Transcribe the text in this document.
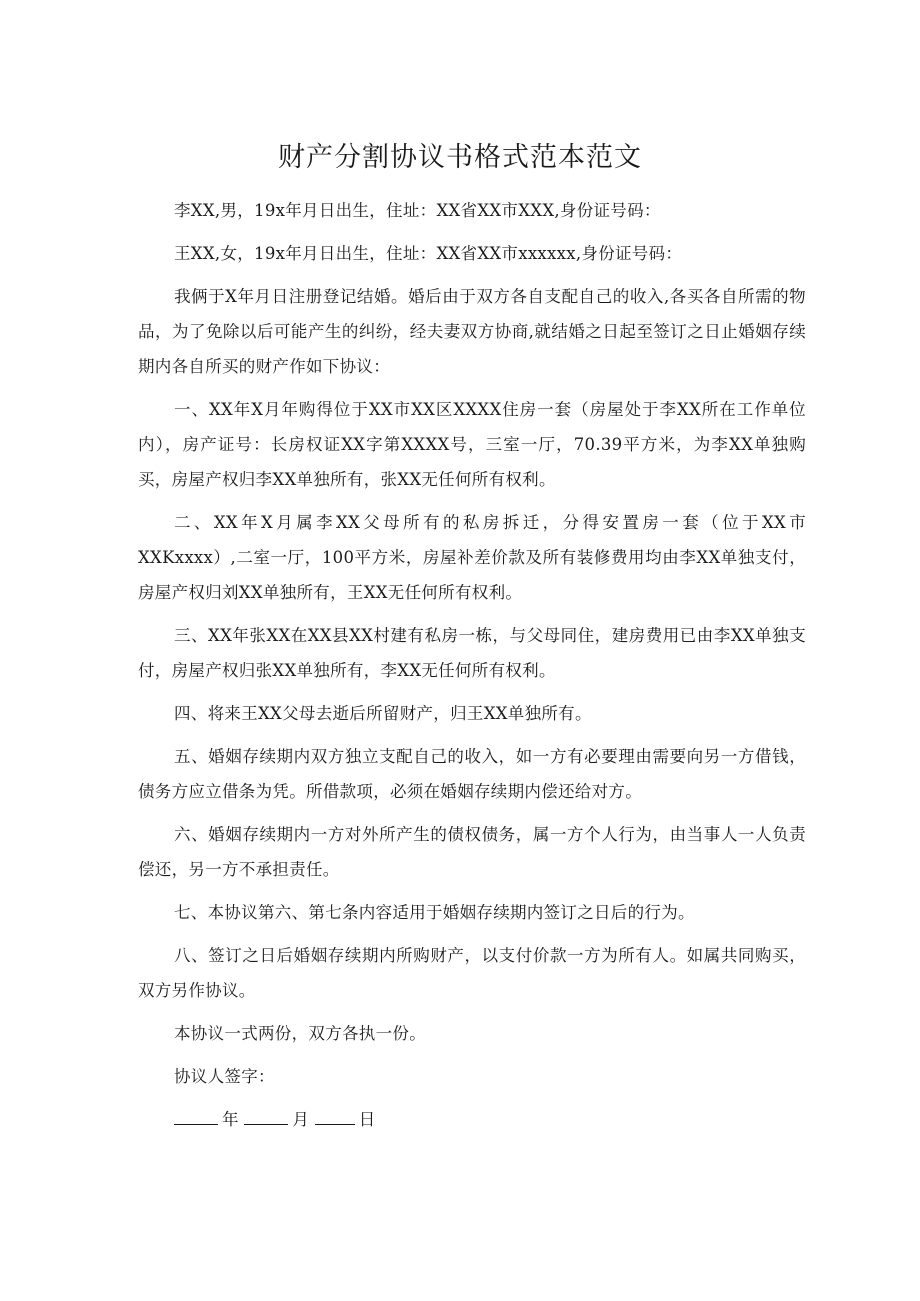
财产分割协议书格式范本范文

李XX,男，19x年月日出生，住址：XX省XX市XXX,身份证号码：

王XX,女，19x年月日出生，住址：XX省XX市xxxxxx,身份证号码：

我俩于X年月日注册登记结婚。婚后由于双方各自支配自己的收入,各买各自所需的物品，为了免除以后可能产生的纠纷，经夫妻双方协商,就结婚之日起至签订之日止婚姻存续期内各自所买的财产作如下协议：

一、XX年X月年购得位于XX市XX区XXXX住房一套（房屋处于李XX所在工作单位内），房产证号：长房权证XX字第XXXX号，三室一厅，70.39平方米，为李XX单独购买，房屋产权归李XX单独所有，张XX无任何所有权利。

二、XX年X月属李XX父母所有的私房拆迁，分得安置房一套（位于XX市XXKxxxx）,二室一厅，100平方米，房屋补差价款及所有装修费用均由李XX单独支付，房屋产权归刘XX单独所有，王XX无任何所有权利。

三、XX年张XX在XX县XX村建有私房一栋，与父母同住，建房费用已由李XX单独支付，房屋产权归张XX单独所有，李XX无任何所有权利。

四、将来王XX父母去逝后所留财产，归王XX单独所有。

五、婚姻存续期内双方独立支配自己的收入，如一方有必要理由需要向另一方借钱，债务方应立借条为凭。所借款项，必须在婚姻存续期内偿还给对方。

六、婚姻存续期内一方对外所产生的债权债务，属一方个人行为，由当事人一人负责偿还，另一方不承担责任。

七、本协议第六、第七条内容适用于婚姻存续期内签订之日后的行为。

八、签订之日后婚姻存续期内所购财产，以支付价款一方为所有人。如属共同购买，双方另作协议。

本协议一式两份，双方各执一份。

协议人签字：

年	月	日
